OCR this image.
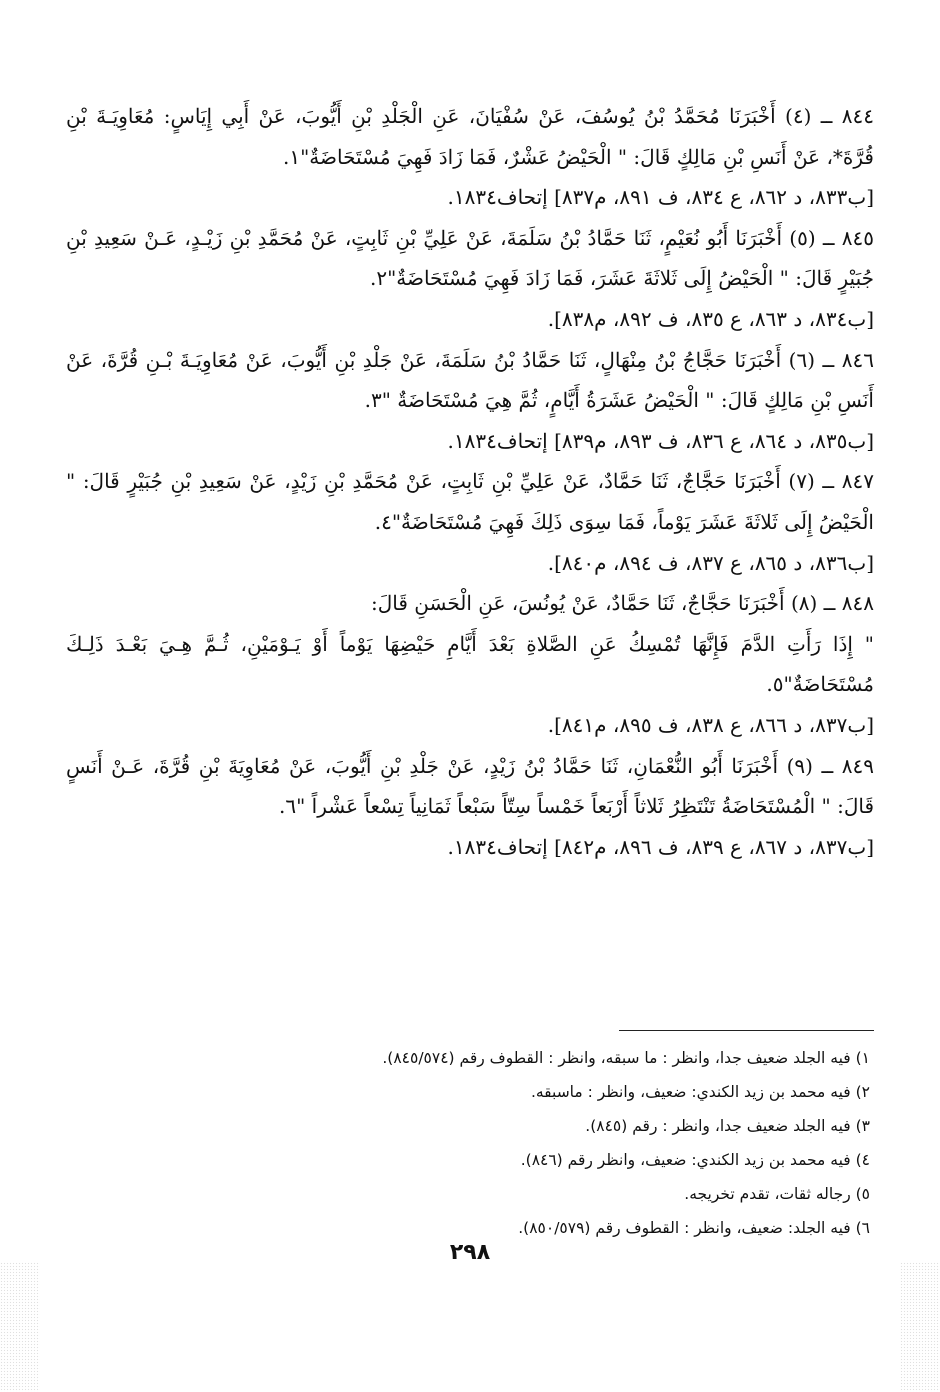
٨٤٤ ــ (٤) أَخْبَرَنَا مُحَمَّدُ بْنُ يُوسُفَ، عَنْ سُفْيَانَ، عَنِ الْجَلْدِ بْنِ أَيُّوبَ، عَنْ أَبِي إِيَاسٍ: مُعَاوِيَـةَ بْنِ قُرَّةَ*، عَنْ أَنَسِ بْنِ مَالِكٍ قَالَ: " الْحَيْضُ عَشْرٌ، فَمَا زَادَ فَهِيَ مُسْتَحَاضَةٌ"١.

[ب٨٣٣، د ٨٦٢، ع ٨٣٤، ف ٨٩١، م٨٣٧] إتحاف١٨٣٤.

٨٤٥ ــ (٥) أَخْبَرَنَا أَبُو نُعَيْمٍ، ثَنَا حَمَّادُ بْنُ سَلَمَةَ، عَنْ عَلِيِّ بْنِ ثَابِتٍ، عَنْ مُحَمَّدِ بْنِ زَيْـدٍ، عَـنْ سَعِيدِ بْنِ جُبَيْرٍ قَالَ: " الْحَيْضُ إِلَى ثَلاثَةَ عَشَرَ، فَمَا زَادَ فَهِيَ مُسْتَحَاضَةٌ"٢.

[ب٨٣٤، د ٨٦٣، ع ٨٣٥، ف ٨٩٢، م٨٣٨].

٨٤٦ ــ (٦) أَخْبَرَنَا حَجَّاجُ بْنُ مِنْهَالٍ، ثَنَا حَمَّادُ بْنُ سَلَمَةَ، عَنْ جَلْدِ بْنِ أَيُّوبَ، عَنْ مُعَاوِيَـةَ بْـنِ قُرَّةَ، عَنْ أَنَسِ بْنِ مَالِكٍ قَالَ: " الْحَيْضُ عَشَرَةُ أَيَّامٍ، ثُمَّ هِيَ مُسْتَحَاضَةٌ "٣.

[ب٨٣٥، د ٨٦٤، ع ٨٣٦، ف ٨٩٣، م٨٣٩] إتحاف١٨٣٤.

٨٤٧ ــ (٧) أَخْبَرَنَا حَجَّاجٌ، ثَنَا حَمَّادٌ، عَنْ عَلِيِّ بْنِ ثَابِتٍ، عَنْ مُحَمَّدِ بْنِ زَيْدٍ، عَنْ سَعِيدِ بْنِ جُبَيْرٍ قَالَ: " الْحَيْضُ إِلَى ثَلاثَةَ عَشَرَ يَوْماً، فَمَا سِوَى ذَلِكَ فَهِيَ مُسْتَحَاضَةٌ"٤.

[ب٨٣٦، د ٨٦٥، ع ٨٣٧، ف ٨٩٤، م٨٤٠].

٨٤٨ ــ (٨) أَخْبَرَنَا حَجَّاجٌ، ثَنَا حَمَّادٌ، عَنْ يُونُسَ، عَنِ الْحَسَنِ قَالَ:

" إِذَا رَأَتِ الدَّمَ فَإِنَّهَا تُمْسِكُ عَنِ الصَّلاةِ بَعْدَ أَيَّامِ حَيْضِهَا يَوْماً أَوْ يَـوْمَيْنِ، ثُـمَّ هِـيَ بَعْـدَ ذَلِـكَ مُسْتَحَاضَةٌ"٥.

[ب٨٣٧، د ٨٦٦، ع ٨٣٨، ف ٨٩٥، م٨٤١].

٨٤٩ ــ (٩) أَخْبَرَنَا أَبُو النُّعْمَانِ، ثَنَا حَمَّادُ بْنُ زَيْدٍ، عَنْ جَلْدِ بْنِ أَيُّوبَ، عَنْ مُعَاوِيَةَ بْنِ قُرَّةَ، عَـنْ أَنَسٍ قَالَ: " الْمُسْتَحَاضَةُ تَنْتَظِرُ ثَلاثاً أَرْبَعاً خَمْساً سِتّاً سَبْعاً ثَمَانِياً تِسْعاً عَشْراً "٦.

[ب٨٣٧، د ٨٦٧، ع ٨٣٩، ف ٨٩٦، م٨٤٢] إتحاف١٨٣٤.

١) فيه الجلد ضعيف جدا، وانظر : ما سبقه، وانظر : القطوف رقم (٨٤٥/٥٧٤).

٢) فيه محمد بن زيد الكندي: ضعيف، وانظر : ماسبقه.

٣) فيه الجلد ضعيف جدا، وانظر : رقم (٨٤٥).

٤) فيه محمد بن زيد الكندي: ضعيف، وانظر رقم (٨٤٦).

٥) رجاله ثقات، تقدم تخريجه.

٦) فيه الجلد: ضعيف، وانظر : القطوف رقم (٨٥٠/٥٧٩).

٢٩٨
